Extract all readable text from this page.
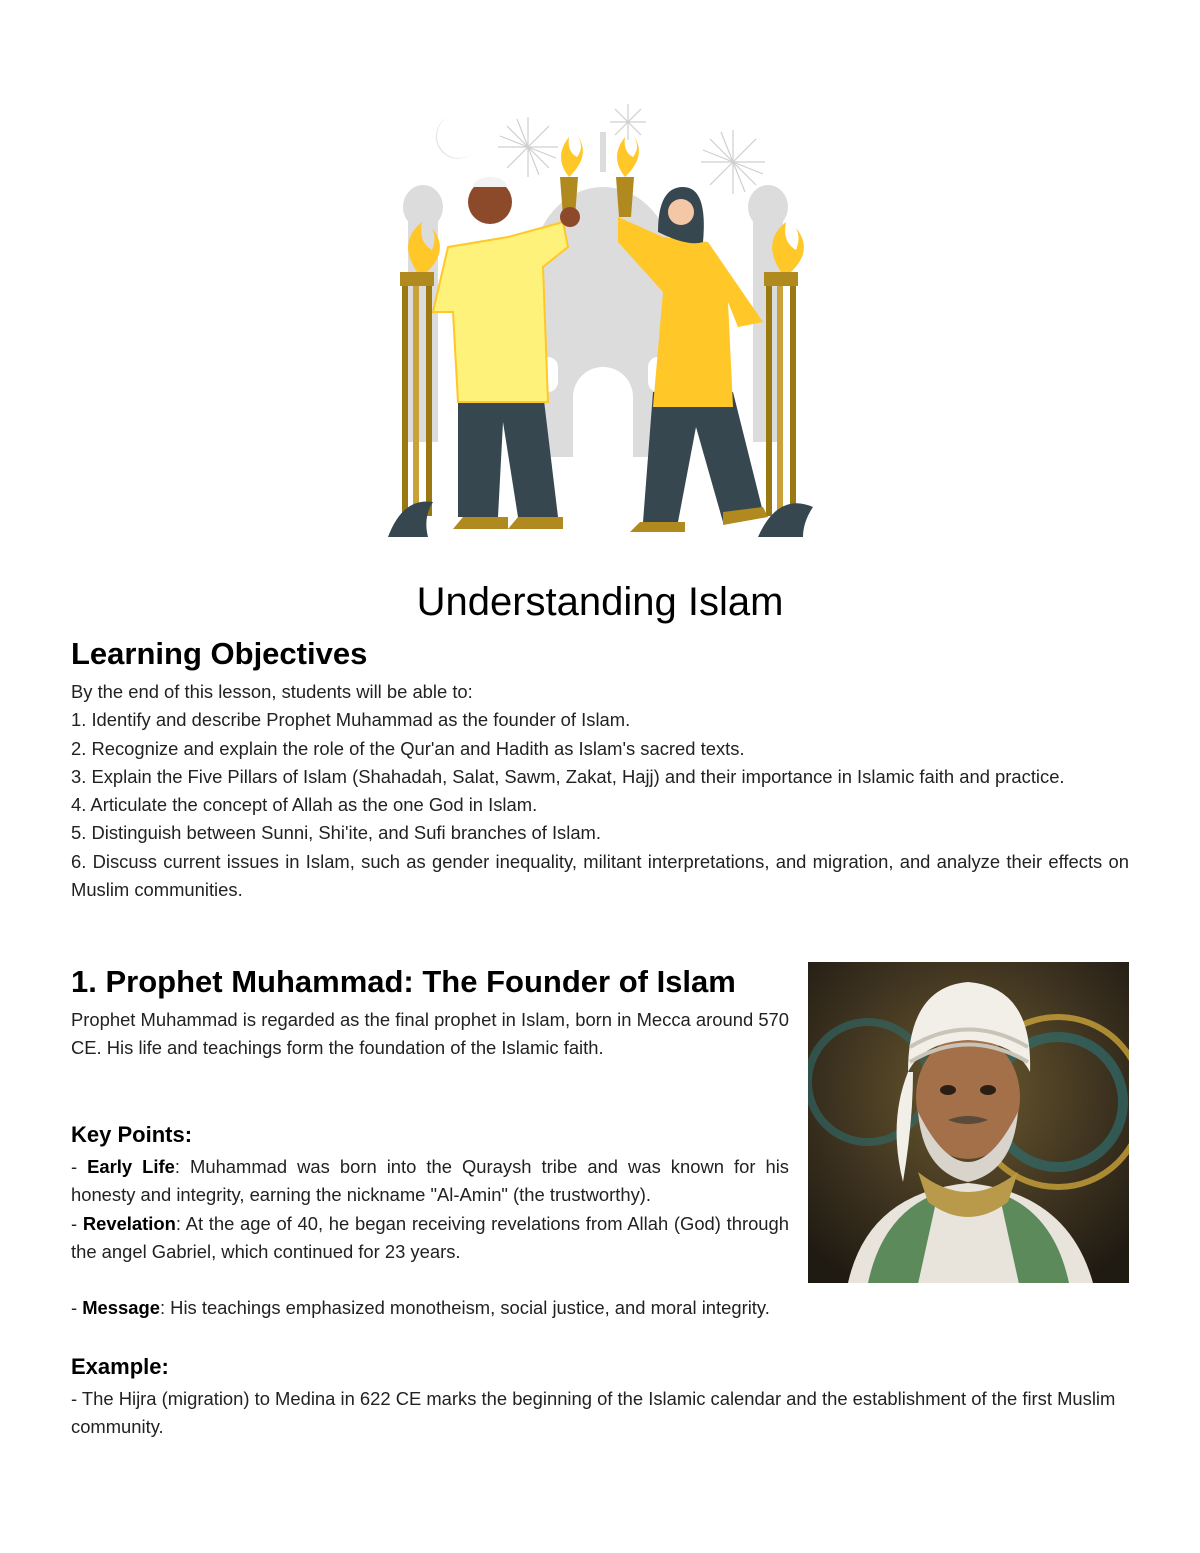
Understanding Islam
Learning Objectives

By the end of this lesson, students will be able to:

1. Identify and describe Prophet Muhammad as the founder of Islam.

2. Recognize and explain the role of the Qur'an and Hadith as Islam's sacred texts.

3. Explain the Five Pillars of Islam (Shahadah, Salat, Sawm, Zakat, Hajj) and their importance in Islamic faith and practice.

4. Articulate the concept of Allah as the one God in Islam.

5. Distinguish between Sunni, Shi'ite, and Sufi branches of Islam.

6. Discuss current issues in Islam, such as gender inequality, militant interpretations, and migration, and analyze their effects on Muslim communities.

1. Prophet Muhammad: The Founder of Islam

Prophet Muhammad is regarded as the final prophet in Islam, born in Mecca around 570 CE. His life and teachings form the foundation of the Islamic faith.

Key Points:

- Early Life: Muhammad was born into the Quraysh tribe and was known for his honesty and integrity, earning the nickname "Al-Amin" (the trustworthy).

- Revelation: At the age of 40, he began receiving revelations from Allah (God) through the angel Gabriel, which continued for 23 years.

- Message: His teachings emphasized monotheism, social justice, and moral integrity.

Example:

- The Hijra (migration) to Medina in 622 CE marks the beginning of the Islamic calendar and the establishment of the first Muslim community.
